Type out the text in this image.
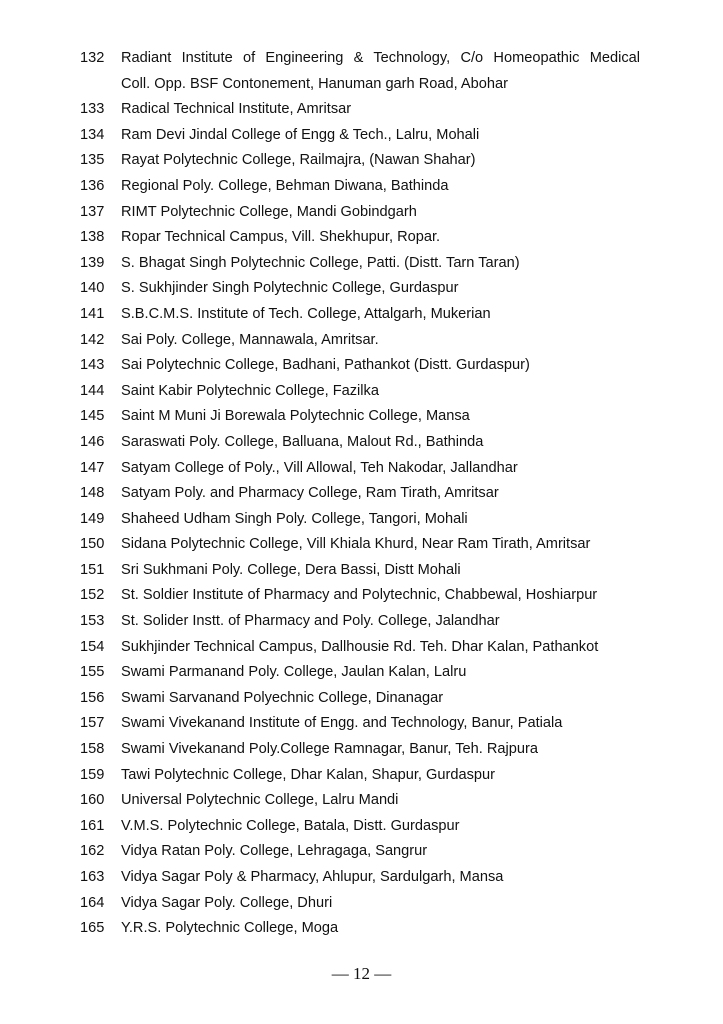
132	Radiant Institute of Engineering & Technology, C/o Homeopathic Medical
Coll. Opp. BSF Contonement, Hanuman garh Road, Abohar
133	Radical Technical Institute, Amritsar
134	Ram Devi Jindal College of Engg & Tech., Lalru, Mohali
135	Rayat Polytechnic College, Railmajra, (Nawan Shahar)
136	Regional Poly. College, Behman Diwana, Bathinda
137	RIMT Polytechnic College, Mandi Gobindgarh
138	Ropar Technical Campus, Vill. Shekhupur, Ropar.
139	S. Bhagat Singh Polytechnic College, Patti. (Distt. Tarn Taran)
140	S. Sukhjinder Singh Polytechnic College, Gurdaspur
141	S.B.C.M.S. Institute of Tech. College, Attalgarh, Mukerian
142	Sai Poly. College, Mannawala, Amritsar.
143	Sai Polytechnic College, Badhani, Pathankot (Distt. Gurdaspur)
144	Saint Kabir Polytechnic College, Fazilka
145	Saint M Muni Ji Borewala Polytechnic College, Mansa
146	Saraswati Poly. College, Balluana, Malout Rd., Bathinda
147	Satyam College of Poly., Vill Allowal, Teh Nakodar, Jallandhar
148	Satyam Poly. and Pharmacy College, Ram Tirath, Amritsar
149	Shaheed Udham Singh Poly. College, Tangori, Mohali
150	Sidana Polytechnic College, Vill Khiala Khurd, Near Ram Tirath, Amritsar
151	Sri Sukhmani Poly. College, Dera Bassi, Distt Mohali
152	St. Soldier Institute of Pharmacy and Polytechnic, Chabbewal, Hoshiarpur
153	St. Solider Instt. of Pharmacy and Poly. College, Jalandhar
154	Sukhjinder Technical Campus, Dallhousie Rd. Teh. Dhar Kalan, Pathankot
155	Swami Parmanand Poly. College, Jaulan Kalan, Lalru
156	Swami Sarvanand Polyechnic College, Dinanagar
157	Swami Vivekanand Institute of Engg. and Technology, Banur, Patiala
158	Swami Vivekanand Poly.College Ramnagar, Banur, Teh. Rajpura
159	Tawi Polytechnic College, Dhar Kalan, Shapur, Gurdaspur
160	Universal Polytechnic College, Lalru Mandi
161	V.M.S. Polytechnic College, Batala, Distt. Gurdaspur
162	Vidya Ratan Poly. College, Lehragaga, Sangrur
163	Vidya Sagar Poly & Pharmacy, Ahlupur, Sardulgarh, Mansa
164	Vidya Sagar Poly. College, Dhuri
165	Y.R.S. Polytechnic College, Moga
— 12 —
